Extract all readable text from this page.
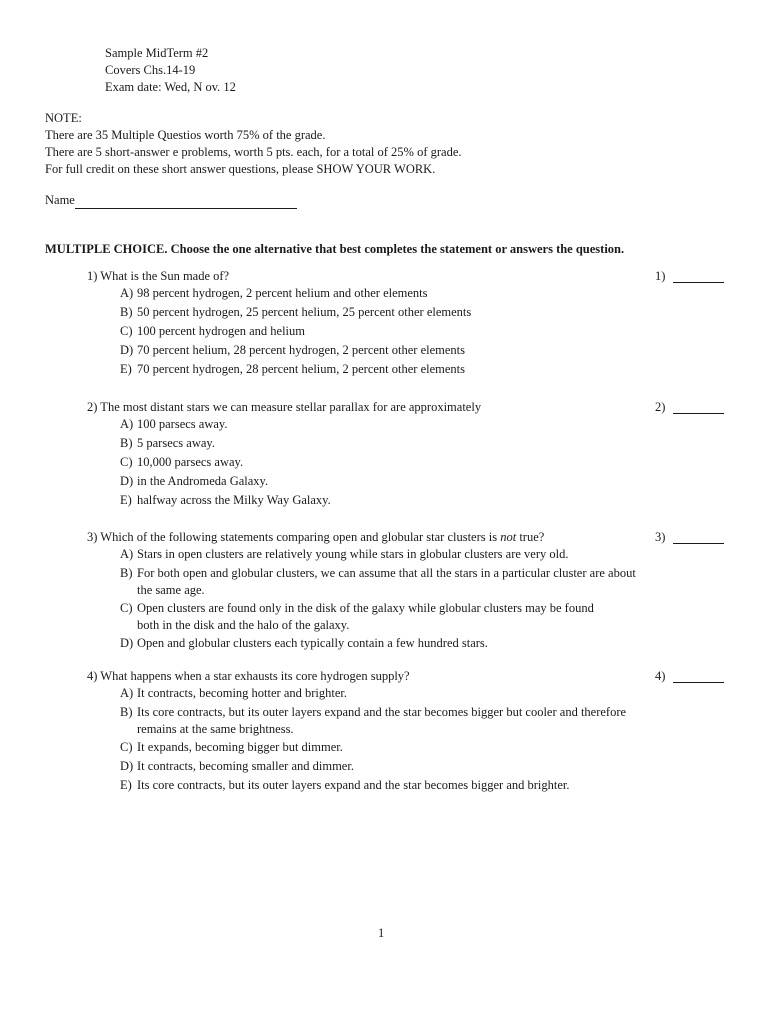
Sample MidTerm #2
Covers Chs.14-19
Exam date: Wed, N ov. 12
NOTE:
There are 35 Multiple Questios worth 75% of the grade.
There are 5 short-answer e problems, worth 5 pts. each, for a total of 25% of grade.
For full credit on these short answer questions, please SHOW YOUR WORK.
Name
MULTIPLE CHOICE. Choose the one alternative that best completes the statement or answers the question.
1) What is the Sun made of?	1)
A) 98 percent hydrogen, 2 percent helium and other elements
B) 50 percent hydrogen, 25 percent helium, 25 percent other elements
C) 100 percent hydrogen and helium
D) 70 percent helium, 28 percent hydrogen, 2 percent other elements
E) 70 percent hydrogen, 28 percent helium, 2 percent other elements
2) The most distant stars we can measure stellar parallax for are approximately	2)
A) 100 parsecs away.
B) 5 parsecs away.
C) 10,000 parsecs away.
D) in the Andromeda Galaxy.
E) halfway across the Milky Way Galaxy.
3) Which of the following statements comparing open and globular star clusters is not true?	3)
A) Stars in open clusters are relatively young while stars in globular clusters are very old.
B) For both open and globular clusters, we can assume that all the stars in a particular cluster are about the same age.
C) Open clusters are found only in the disk of the galaxy while globular clusters may be found both in the disk and the halo of the galaxy.
D) Open and globular clusters each typically contain a few hundred stars.
4) What happens when a star exhausts its core hydrogen supply?	4)
A) It contracts, becoming hotter and brighter.
B) Its core contracts, but its outer layers expand and the star becomes bigger but cooler and therefore remains at the same brightness.
C) It expands, becoming bigger but dimmer.
D) It contracts, becoming smaller and dimmer.
E) Its core contracts, but its outer layers expand and the star becomes bigger and brighter.
1
